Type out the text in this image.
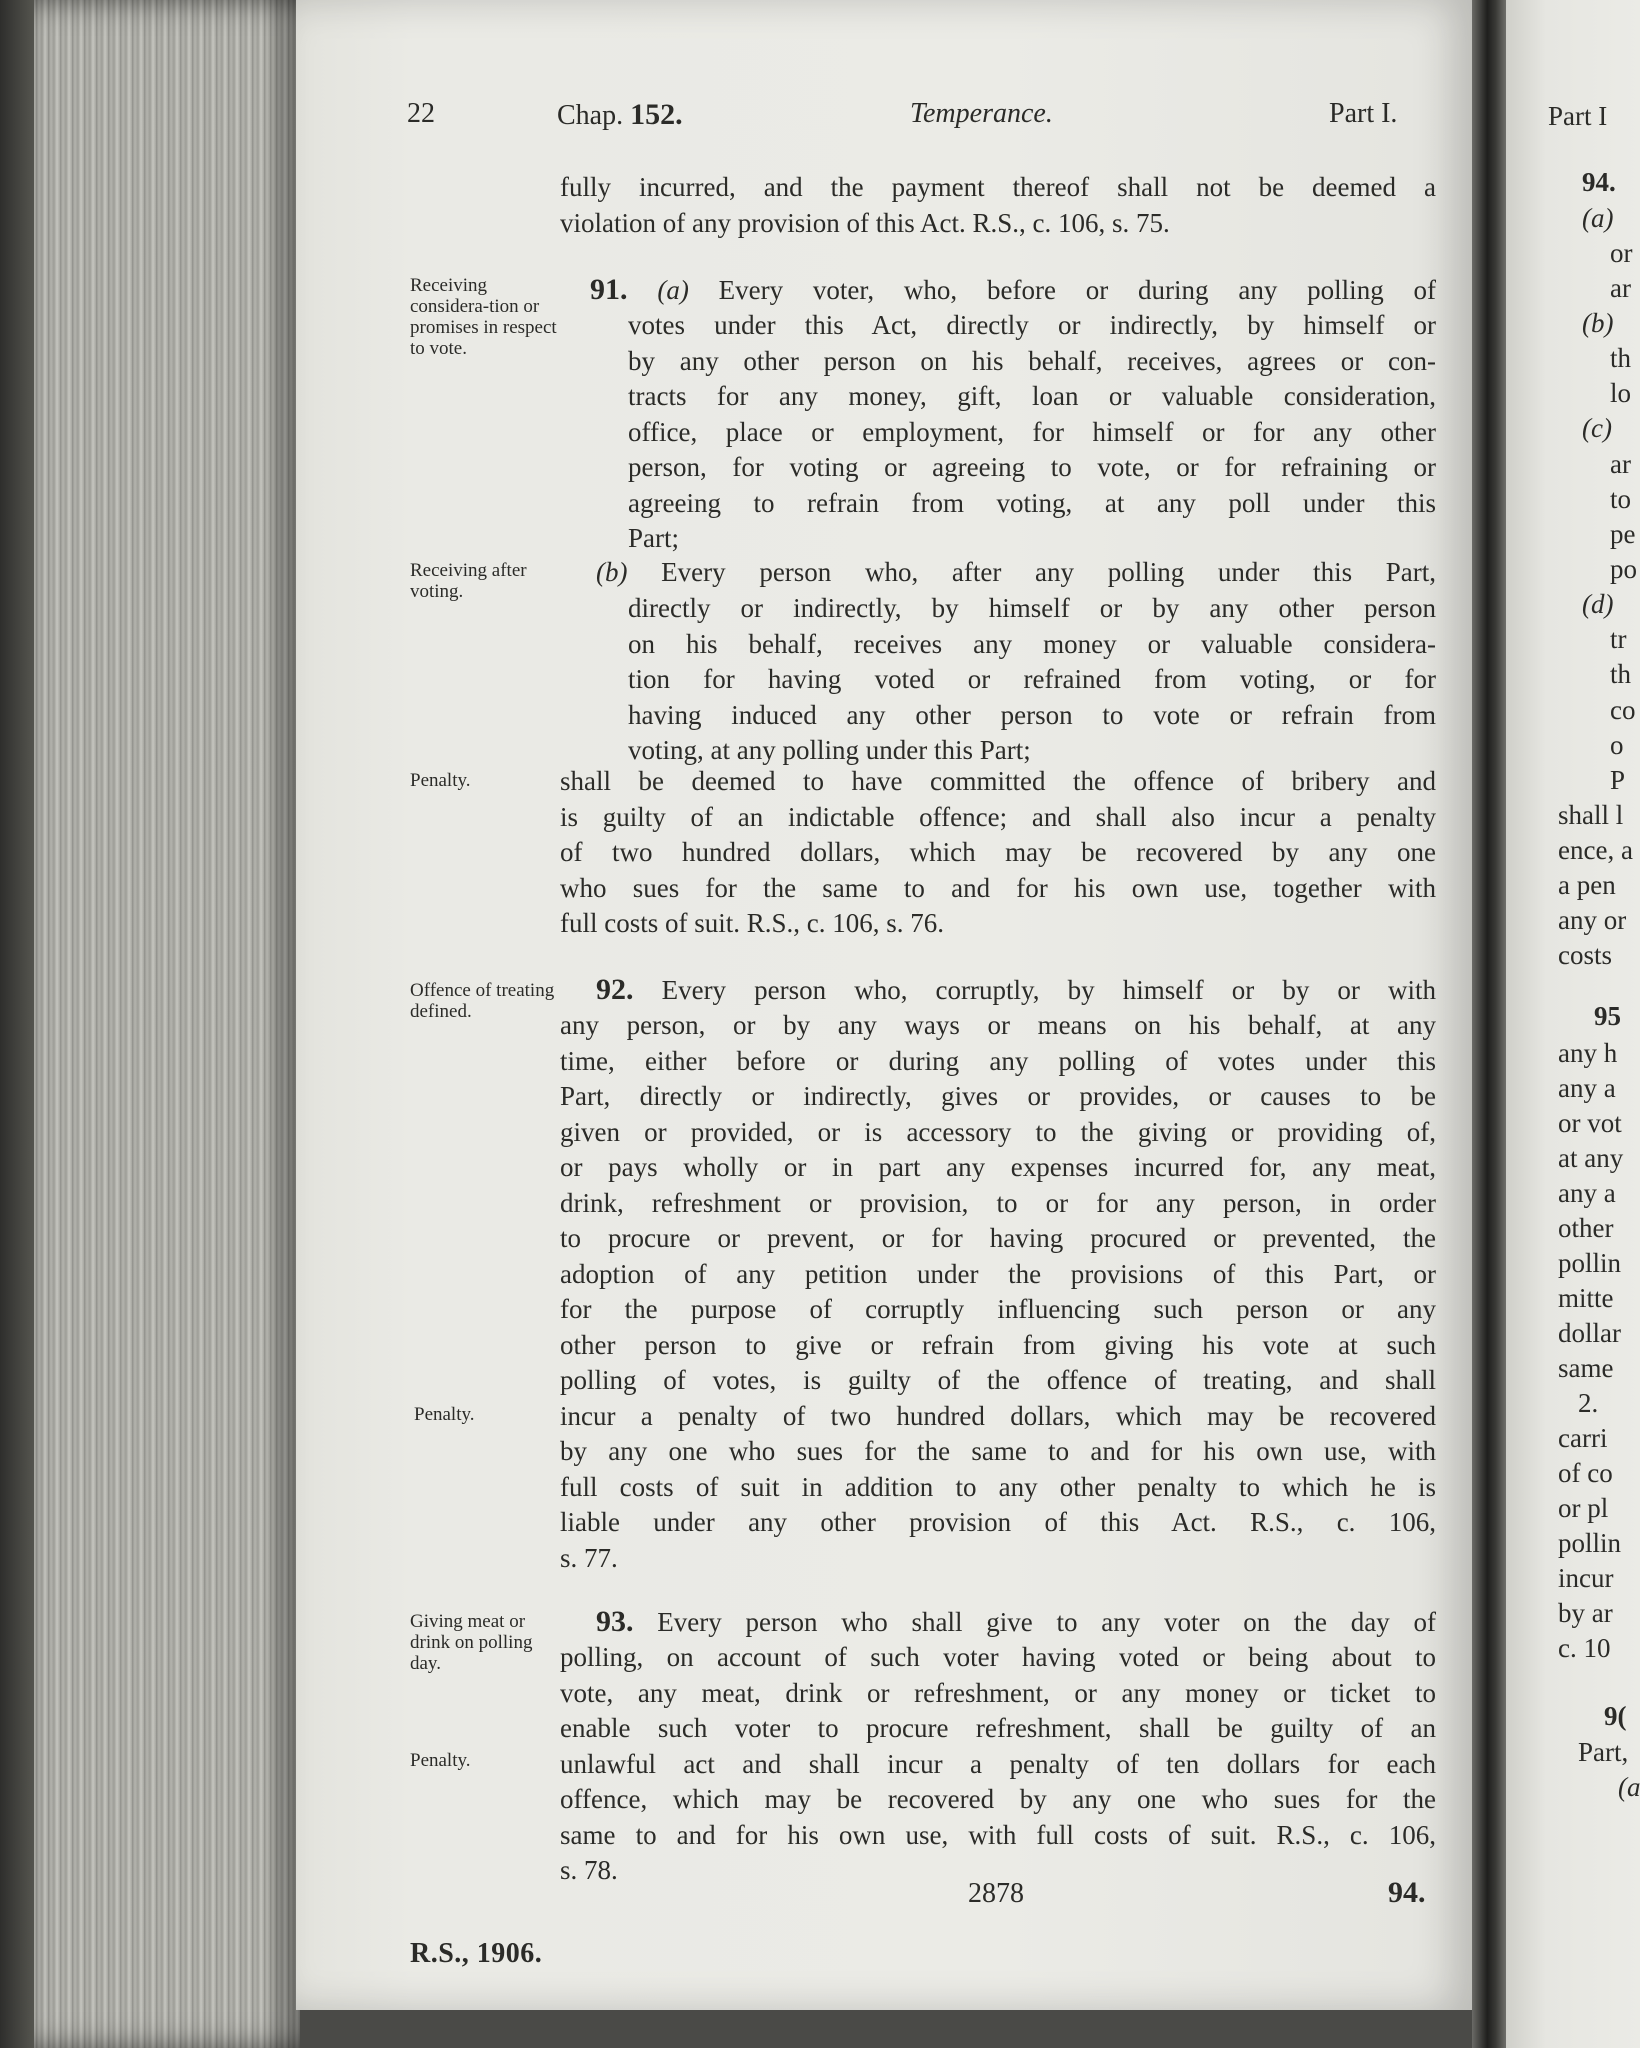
22	Chap. 152.	Temperance.	Part I.

fully incurred, and the payment thereof shall not be deemed a

violation of any provision of this Act. R.S., c. 106, s. 75.

Receiving considera-tion or promises in respect to vote.

91. (a) Every voter, who, before or during any polling of

votes under this Act, directly or indirectly, by himself or

by any other person on his behalf, receives, agrees or con-

tracts for any money, gift, loan or valuable consideration,

office, place or employment, for himself or for any other

person, for voting or agreeing to vote, or for refraining or

agreeing to refrain from voting, at any poll under this

Part;

Receiving after voting.

(b) Every person who, after any polling under this Part,

directly or indirectly, by himself or by any other person

on his behalf, receives any money or valuable considera-

tion for having voted or refrained from voting, or for

having induced any other person to vote or refrain from

voting, at any polling under this Part;

Penalty.	shall be deemed to have committed the offence of bribery and

is guilty of an indictable offence; and shall also incur a penalty

of two hundred dollars, which may be recovered by any one

who sues for the same to and for his own use, together with

full costs of suit. R.S., c. 106, s. 76.

Offence of treating defined.

92. Every person who, corruptly, by himself or by or with

any person, or by any ways or means on his behalf, at any

time, either before or during any polling of votes under this

Part, directly or indirectly, gives or provides, or causes to be

given or provided, or is accessory to the giving or providing of,

or pays wholly or in part any expenses incurred for, any meat,

drink, refreshment or provision, to or for any person, in order

to procure or prevent, or for having procured or prevented, the

adoption of any petition under the provisions of this Part, or

for the purpose of corruptly influencing such person or any

other person to give or refrain from giving his vote at such

polling of votes, is guilty of the offence of treating, and shall

incur a penalty of two hundred dollars, which may be recovered

by any one who sues for the same to and for his own use, with

full costs of suit in addition to any other penalty to which he is

liable under any other provision of this Act. R.S., c. 106,

s. 77.

Penalty.
Giving meat or drink on polling day.

93. Every person who shall give to any voter on the day of

polling, on account of such voter having voted or being about to

vote, any meat, drink or refreshment, or any money or ticket to

enable such voter to procure refreshment, shall be guilty of an

unlawful act and shall incur a penalty of ten dollars for each

offence, which may be recovered by any one who sues for the

same to and for his own use, with full costs of suit. R.S., c. 106,

s. 78.

Penalty.
2878	94.
R.S., 1906.
Part I
94.
(a)
or
ar
(b)
th
lo
(c)
ar
to
pe
po
(d)
tr
th
co
o
P
shall l
ence, a
a pen
any or
costs
95
any h
any a
or vot
at any
any a
other
pollin
mitte
dollar
same
2.
carri
of co
or pl
pollin
incur
by ar
c. 10
9(
Part,
(a
